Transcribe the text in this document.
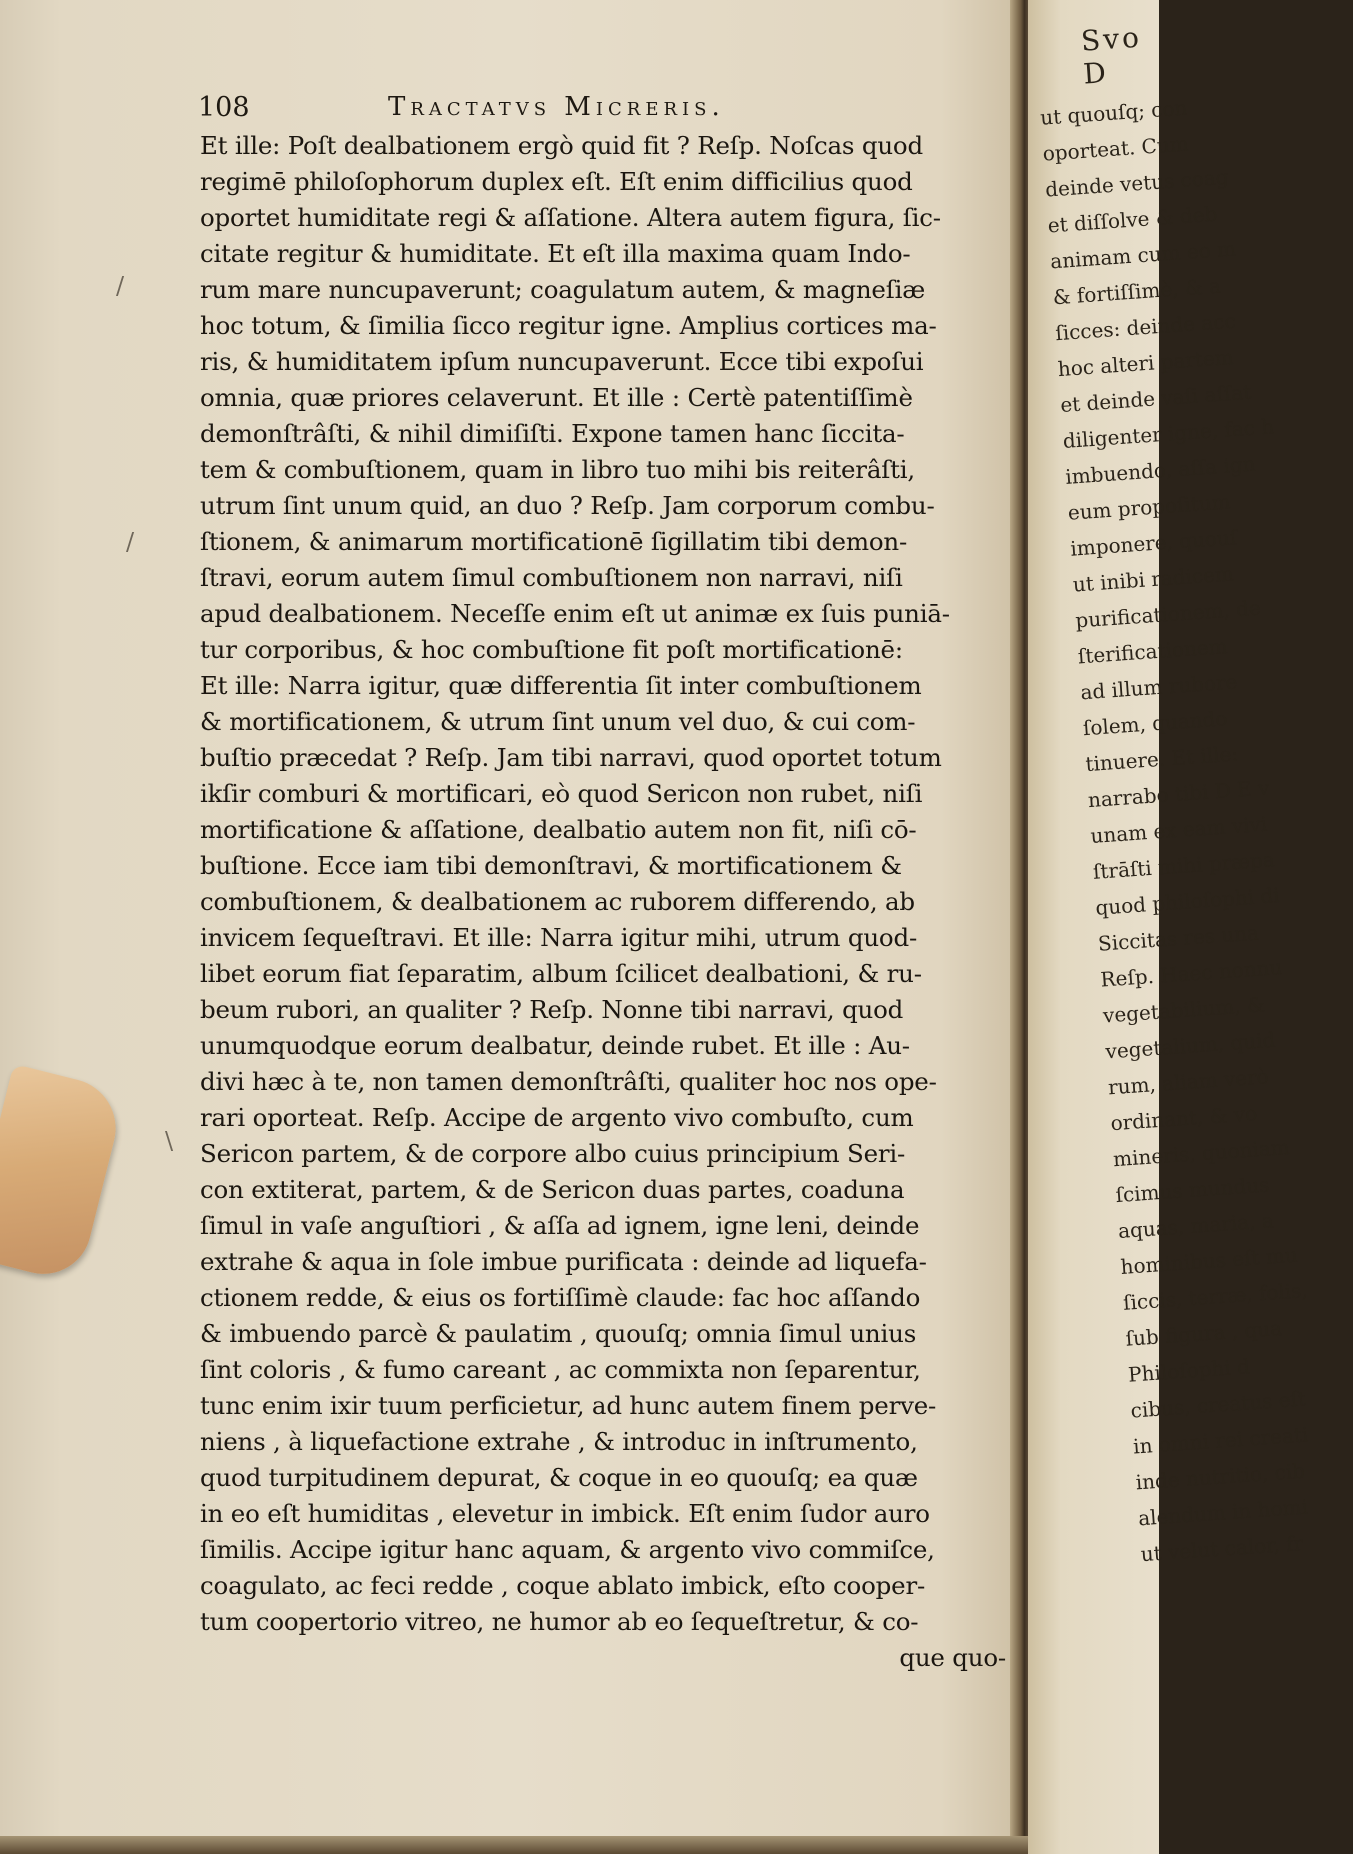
108	Tractatvs Micreris.
/
/
\
Et ille: Poſt dealbationem ergò quid fit ? Reſp. Noſcas quod
regimē philoſophorum duplex eſt. Eſt enim difficilius quod
oportet humiditate regi & aſſatione. Altera autem figura, ſic-
citate regitur & humiditate. Et eſt illa maxima quam Indo-
rum mare nuncupaverunt; coagulatum autem, & magneſiæ
hoc totum, & ſimilia ſicco regitur igne. Amplius cortices ma-
ris, & humiditatem ipſum nuncupaverunt. Ecce tibi expoſui
omnia, quæ priores celaverunt. Et ille : Certè patentiſſimè
demonſtrâſti, & nihil dimiſiſti. Expone tamen hanc ſiccita-
tem & combuſtionem, quam in libro tuo mihi bis reiterâſti,
utrum ſint unum quid, an duo ? Reſp. Jam corporum combu-
ſtionem, & animarum mortificationē ſigillatim tibi demon-
ſtravi, eorum autem ſimul combuſtionem non narravi, niſi
apud dealbationem. Neceſſe enim eſt ut animæ ex ſuis puniā-
tur corporibus, & hoc combuſtione fit poſt mortificationē:
Et ille: Narra igitur, quæ differentia ſit inter combuſtionem
& mortificationem, & utrum ſint unum vel duo, & cui com-
buſtio præcedat ? Reſp. Jam tibi narravi, quod oportet totum
ikſir comburi & mortificari, eò quod Sericon non rubet, niſi
mortificatione & aſſatione, dealbatio autem non fit, niſi cō-
buſtione. Ecce iam tibi demonſtravi, & mortificationem &
combuſtionem, & dealbationem ac ruborem differendo, ab
invicem ſequeſtravi. Et ille: Narra igitur mihi, utrum quod-
libet eorum fiat ſeparatim, album ſcilicet dealbationi, & ru-
beum rubori, an qualiter ? Reſp. Nonne tibi narravi, quod
unumquodque eorum dealbatur, deinde rubet. Et ille : Au-
divi hæc à te, non tamen demonſtrâſti, qualiter hoc nos ope-
rari oporteat. Reſp. Accipe de argento vivo combuſto, cum
Sericon partem, & de corpore albo cuius principium Seri-
con extiterat, partem, & de Sericon duas partes, coaduna
ſimul in vaſe anguſtiori , & aſſa ad ignem, igne leni, deinde
extrahe & aqua in ſole imbue purificata : deinde ad liquefa-
ctionem redde, & eius os fortiſſimè claude: fac hoc aſſando
& imbuendo parcè & paulatim , quouſq; omnia ſimul unius
ſint coloris , & fumo careant , ac commixta non ſeparentur,
tunc enim ixir tuum perficietur, ad hunc autem finem perve-
niens , à liquefactione extrahe , & introduc in inſtrumento,
quod turpitudinem depurat, & coque in eo quouſq; ea quæ
in eo eſt humiditas , elevetur in imbick. Eſt enim ſudor auro
ſimilis. Accipe igitur hanc aquam, & argento vivo commiſce,
coagulato, ac feci redde , coque ablato imbick, eſto cooper-
tum coopertorio vitreo, ne humor ab eo ſequeſtretur, & co-
que quo-
Svo D
ut quouſq; con
oporteat. Cum
deinde vetus coag
et diſſolve & deb
animam cum eo m
& fortiſſimè, & a
ſicces: deinde acc
hoc alteri partem
et deinde vaſi aſſat
diligenter igne, fac h
imbuendo, aſſa ign
eum propoſitum
imponere, quouſ
ut inibi radicem
purificationem, de
ſterificationem
ad illum rubore
ſolem, quando
tinuere. Et ille:
narrabo tibi D E v
unam ex eam vivi
ſtrāſti mihi præpa
quod philoſophi di
Siccitas res una
Reſp. Haec nonnu
vegetabilium, &
vegetalium, quid
rum, aliam verò
ordinant, & vo
mineris, quoniam
ſcimus mundus
aquas, maria, a
hominibus eſt mu
ſiccis, terræ, folis,
ſub figura , qua
Philoſophi d
cibus, creatus eſt
in omni rei creati
inde nutritio, cib
alendum in homi
ut velut calor, fr
